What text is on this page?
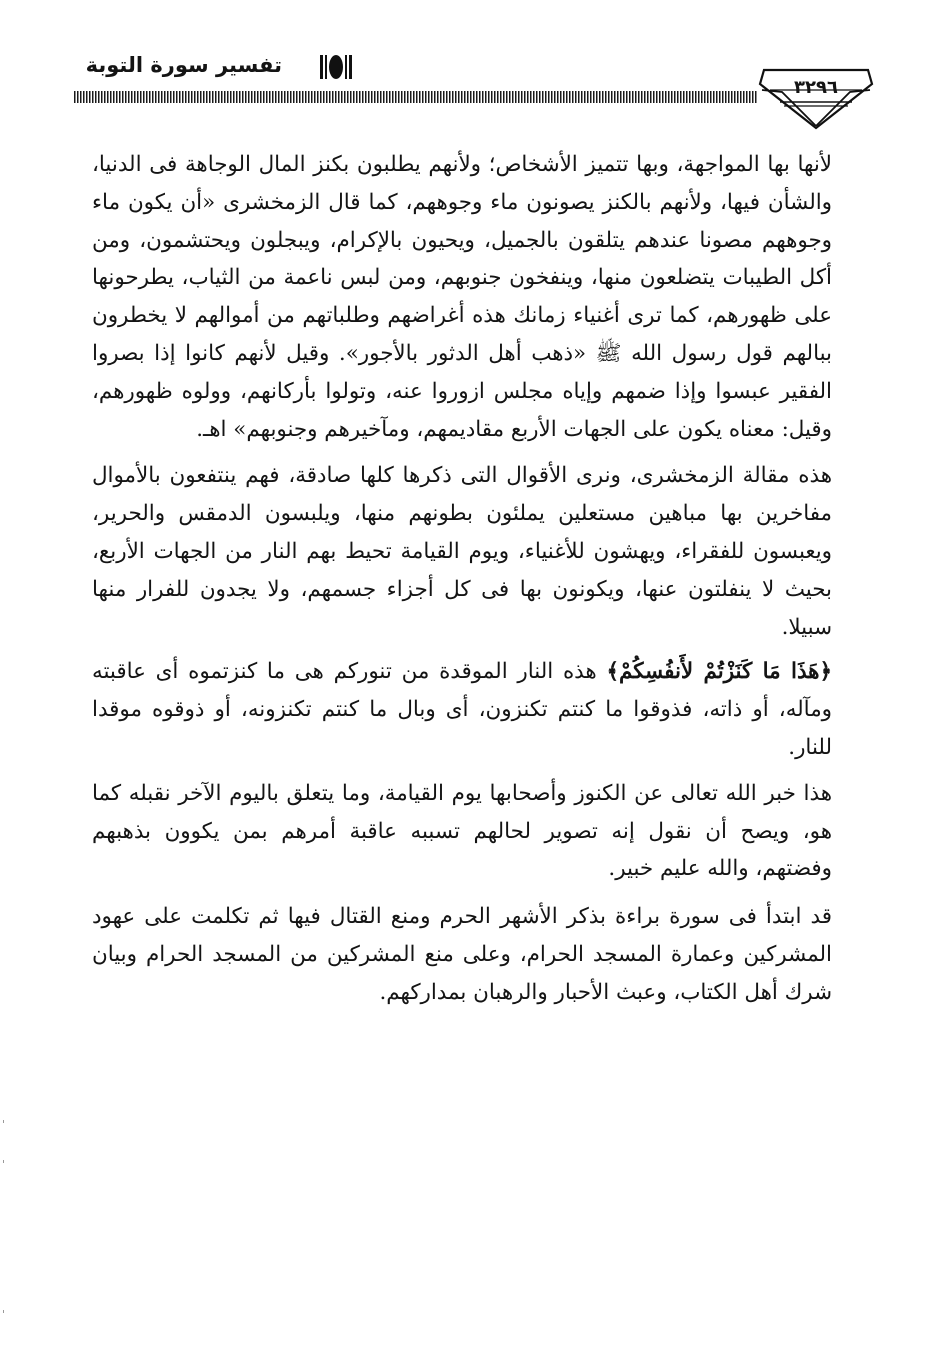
تفسير سورة التوبة
٣٢٩٦

لأنها بها المواجهة، وبها تتميز الأشخاص؛ ولأنهم يطلبون بكنز المال الوجاهة فى الدنيا، والشأن فيها، ولأنهم بالكنز يصونون ماء وجوههم، كما قال الزمخشرى «أن يكون ماء وجوههم مصونا عندهم يتلقون بالجميل، ويحيون بالإكرام، ويبجلون ويحتشمون، ومن أكل الطيبات يتضلعون منها، وينفخون جنوبهم، ومن لبس ناعمة من الثياب، يطرحونها على ظهورهم، كما ترى أغنياء زمانك هذه أغراضهم وطلباتهم من أموالهم لا يخطرون ببالهم قول رسول الله ﷺ «ذهب أهل الدثور بالأجور». وقيل لأنهم كانوا إذا بصروا الفقير عبسوا وإذا ضمهم وإياه مجلس ازوروا عنه، وتولوا بأركانهم، وولوه ظهورهم، وقيل: معناه يكون على الجهات الأربع مقاديمهم، ومآخيرهم وجنوبهم» اهـ.

هذه مقالة الزمخشرى، ونرى الأقوال التى ذكرها كلها صادقة، فهم ينتفعون بالأموال مفاخرين بها مباهين مستعلين يملئون بطونهم منها، ويلبسون الدمقس والحرير، ويعبسون للفقراء، ويهشون للأغنياء، ويوم القيامة تحيط بهم النار من الجهات الأربع، بحيث لا ينفلتون عنها، ويكونون بها فى كل أجزاء جسمهم، ولا يجدون للفرار منها سبيلا.

﴿هَذَا مَا كَنَزْتُمْ لأَنفُسِكُمْ﴾ هذه النار الموقدة من تنوركم هى ما كنزتموه أى عاقبته ومآله، أو ذاته، فذوقوا ما كنتم تكنزون، أى وبال ما كنتم تكنزونه، أو ذوقوه موقدا للنار.

هذا خبر الله تعالى عن الكنوز وأصحابها يوم القيامة، وما يتعلق باليوم الآخر نقبله كما هو، ويصح أن نقول إنه تصوير لحالهم تسببه عاقبة أمرهم بمن يكوون بذهبهم وفضتهم، والله عليم خبير.

قد ابتدأ فى سورة براءة بذكر الأشهر الحرم ومنع القتال فيها ثم تكلمت على عهود المشركين وعمارة المسجد الحرام، وعلى منع المشركين من المسجد الحرام وبيان شرك أهل الكتاب، وعبث الأحبار والرهبان بمداركهم.
